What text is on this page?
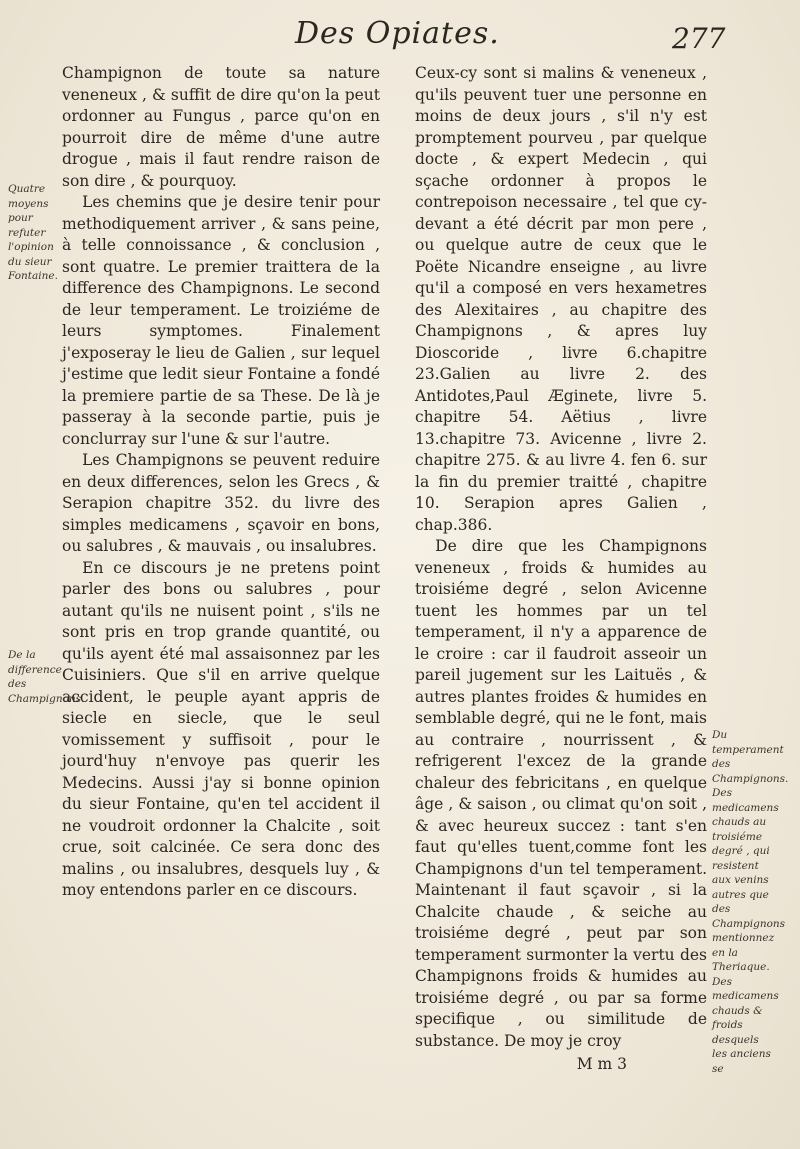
Des Opiates.	277

Champignon de toute sa nature venenеux , & suffit de dire qu'on la peut ordonner au Fungus , parce qu'on en pourroit dire de même d'une autre drogue , mais il faut rendre raison de son dire , & pourquoy.

Les chemins que je desire tenir pour methodiquement arriver , & sans peine, à telle connoissance , & conclusion , sont quatre. Le premier traittera de la difference des Champignons. Le second de leur temperament. Le troiziéme de leurs symptomes. Finalement j'exposeray le lieu de Galien , sur lequel j'estime que ledit sieur Fontaine a fondé la premiere partie de sa These. De là je passeray à la seconde partie, puis je conclurray sur l'une & sur l'autre.

Les Champignons se peuvent reduire en deux differences, selon les Grecs , & Serapion chapitre 352. du livre des simples medicamens , sçavoir en bons, ou salubres , & mauvais , ou insalubres.

En ce discours je ne pretens point parler des bons ou salubres , pour autant qu'ils ne nuisent point , s'ils ne sont pris en trop grande quantité, ou qu'ils ayent été mal assaisonnez par les Cuisiniers. Que s'il en arrive quelque accident, le peuple ayant appris de siecle en siecle, que le seul vomissement y suffisoit , pour le jourd'huy n'envoye pas querir les Medecins. Aussi j'ay si bonne opinion du sieur Fontaine, qu'en tel accident il ne voudroit ordonner la Chalcite , soit crue, soit calcinée. Ce sera donc des malins , ou insalubres, desquels luy , & moy entendons parler en ce discours.

Ceux-cy sont si malins & venenеux , qu'ils peuvent tuer une personne en moins de deux jours , s'il n'y est promptement pourveu , par quelque docte , & expert Medecin , qui sçache ordonner à propos le contrepoison necessaire , tel que cy-devant a été décrit par mon pere , ou quelque autre de ceux que le Poëte Nicandre enseigne , au livre qu'il a composé en vers hexametres des Alexitaires , au chapitre des Champignons , & apres luy Dioscoride , livre 6.chapitre 23.Galien au livre 2. des Antidotes,Paul Æginete, livre 5. chapitre 54. Aëtius , livre 13.chapitre 73. Avicenne , livre 2. chapitre 275. & au livre 4. fen 6. sur la fin du premier traitté , chapitre 10. Serapion apres Galien , chap.386.

De dire que les Champignons venenеux , froids & humides au troisiéme degré , selon Avicenne tuent les hommes par un tel temperament, il n'y a apparence de le croire : car il faudroit asseoir un pareil jugement sur les Laituës , & autres plantes froides & humides en semblable degré, qui ne le font, mais au contraire , nourrissent , & refrigerent l'excez de la grande chaleur des febricitans , en quelque âge , & saison , ou climat qu'on soit , & avec heureux succez : tant s'en faut qu'elles tuent,comme font les Champignons d'un tel temperament. Maintenant il faut sçavoir , si la Chalcite chaude , & seiche au troisiéme degré , peut par son temperament surmonter la vertu des Champignons froids & humides au troisiéme degré , ou par sa forme specifique , ou similitude de substance. De moy je croy

M m 3
Quatre moyens pour refuter l'opinion du sieur Fontaine.
De la difference des Champignons.
Du temperament des Champignons. Des medicamens chauds au troisiéme degré , qui resistent aux venins autres que des Champignons mentionnez en la Theriaque. Des medicamens chauds & froids desquels les anciens se
